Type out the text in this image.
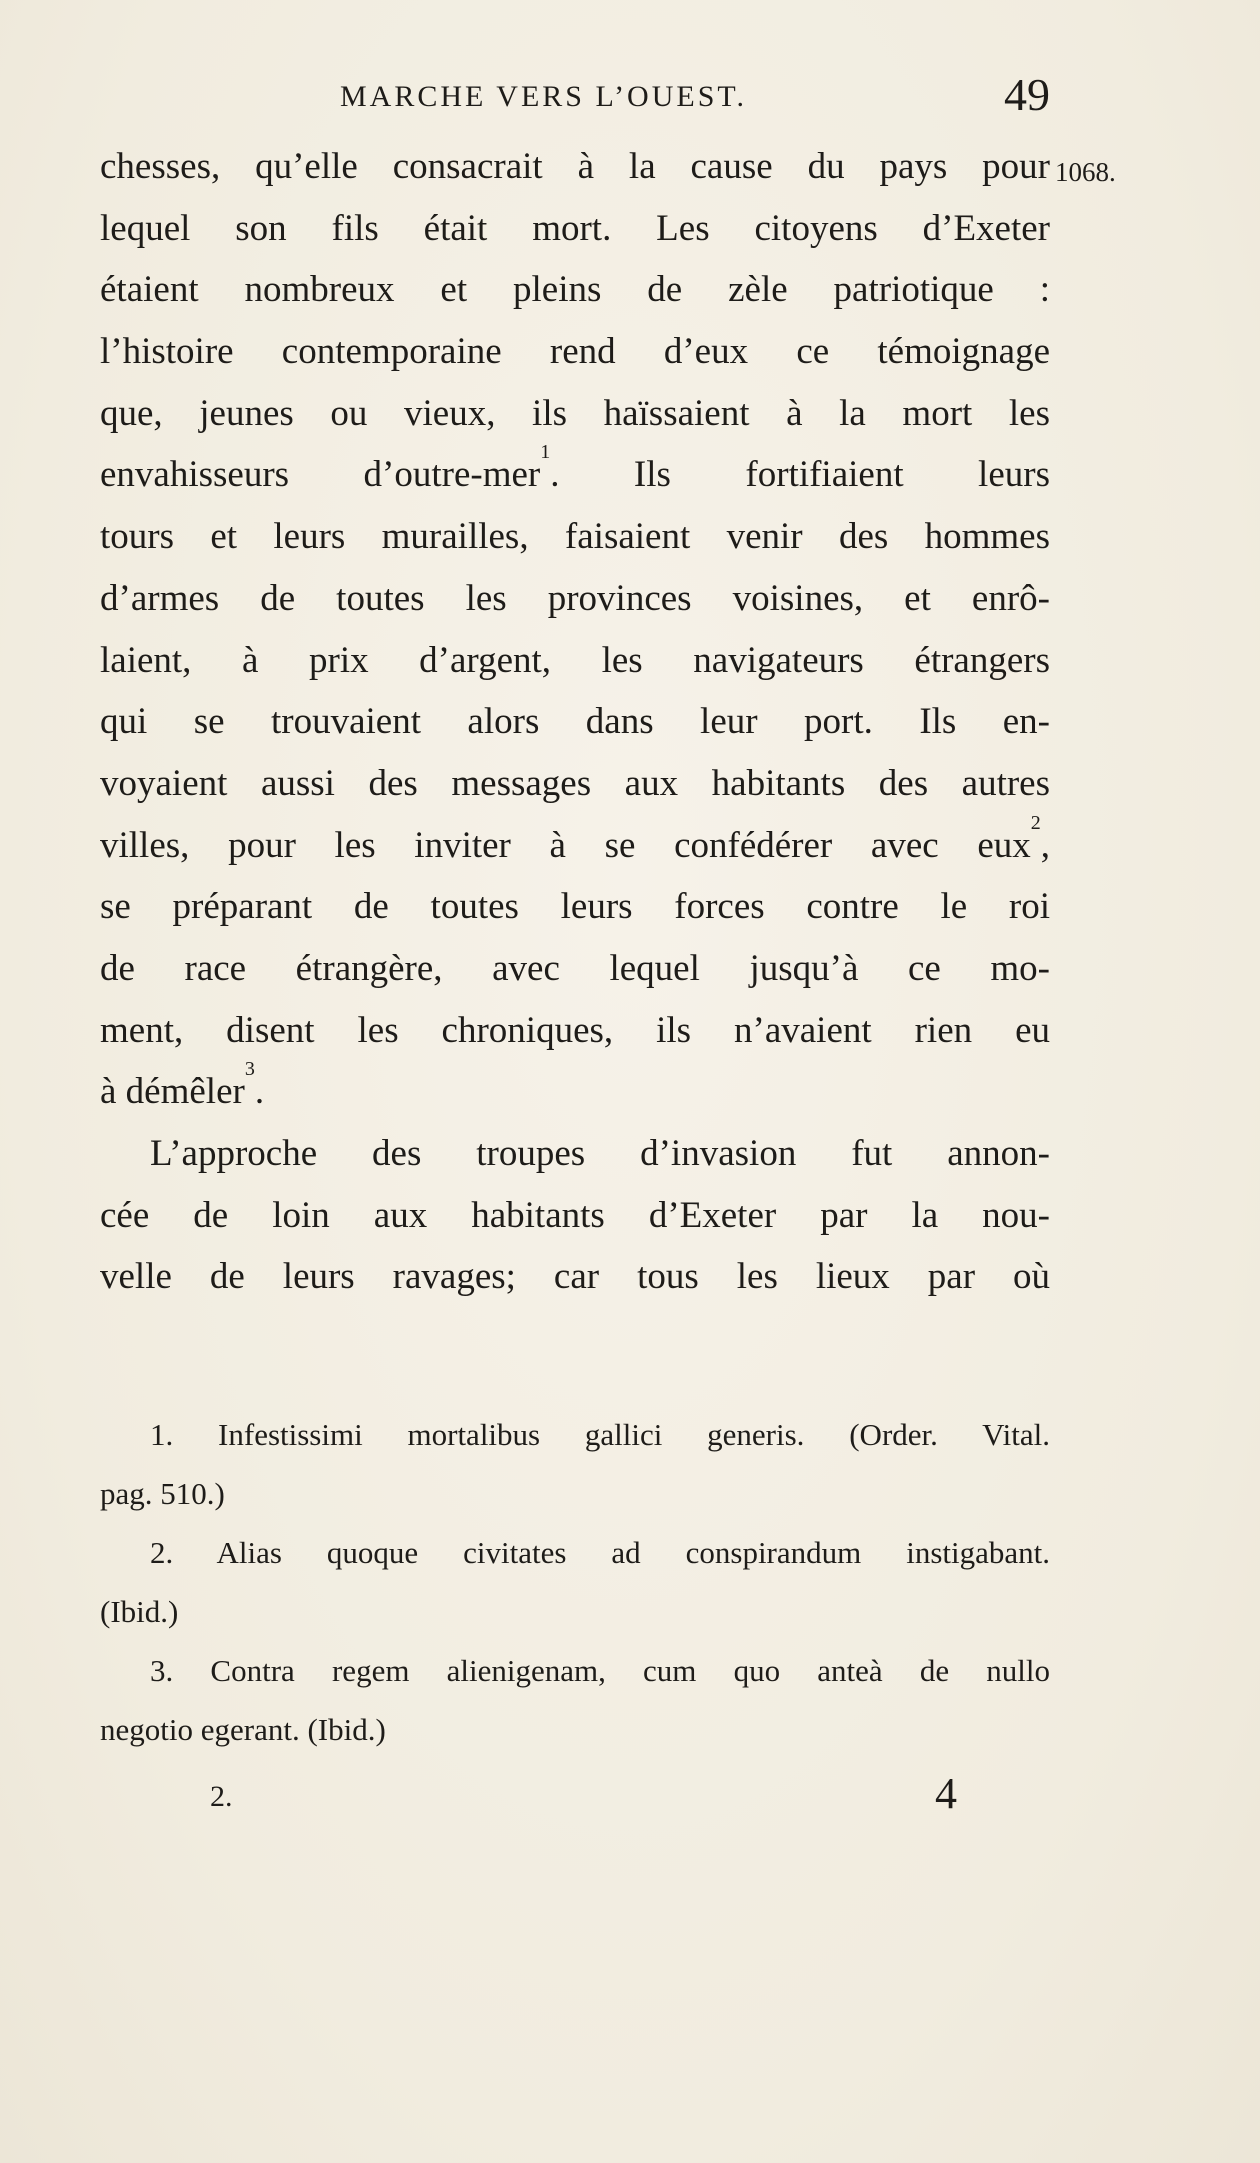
MARCHE VERS L’OUEST.	49
1068.
chesses, qu’elle consacrait à la cause du pays pour
lequel son fils était mort. Les citoyens d’Exeter
étaient nombreux et pleins de zèle patriotique :
l’histoire contemporaine rend d’eux ce témoignage
que, jeunes ou vieux, ils haïssaient à la mort les
envahisseurs d’outre-mer$^1$. Ils fortifiaient leurs
tours et leurs murailles, faisaient venir des hommes
d’armes de toutes les provinces voisines, et enrô-
laient, à prix d’argent, les navigateurs étrangers
qui se trouvaient alors dans leur port. Ils en-
voyaient aussi des messages aux habitants des autres
villes, pour les inviter à se confédérer avec eux$^2$,
se préparant de toutes leurs forces contre le roi
de race étrangère, avec lequel jusqu’à ce mo-
ment, disent les chroniques, ils n’avaient rien eu
à démêler$^3$.
L’approche des troupes d’invasion fut annon-
cée de loin aux habitants d’Exeter par la nou-
velle de leurs ravages; car tous les lieux par où
1. Infestissimi mortalibus gallici generis. (Order. Vital.
pag. 510.)
2. Alias quoque civitates ad conspirandum instigabant.
(Ibid.)
3. Contra regem alienigenam, cum quo anteà de nullo
negotio egerant. (Ibid.)
2.	4
